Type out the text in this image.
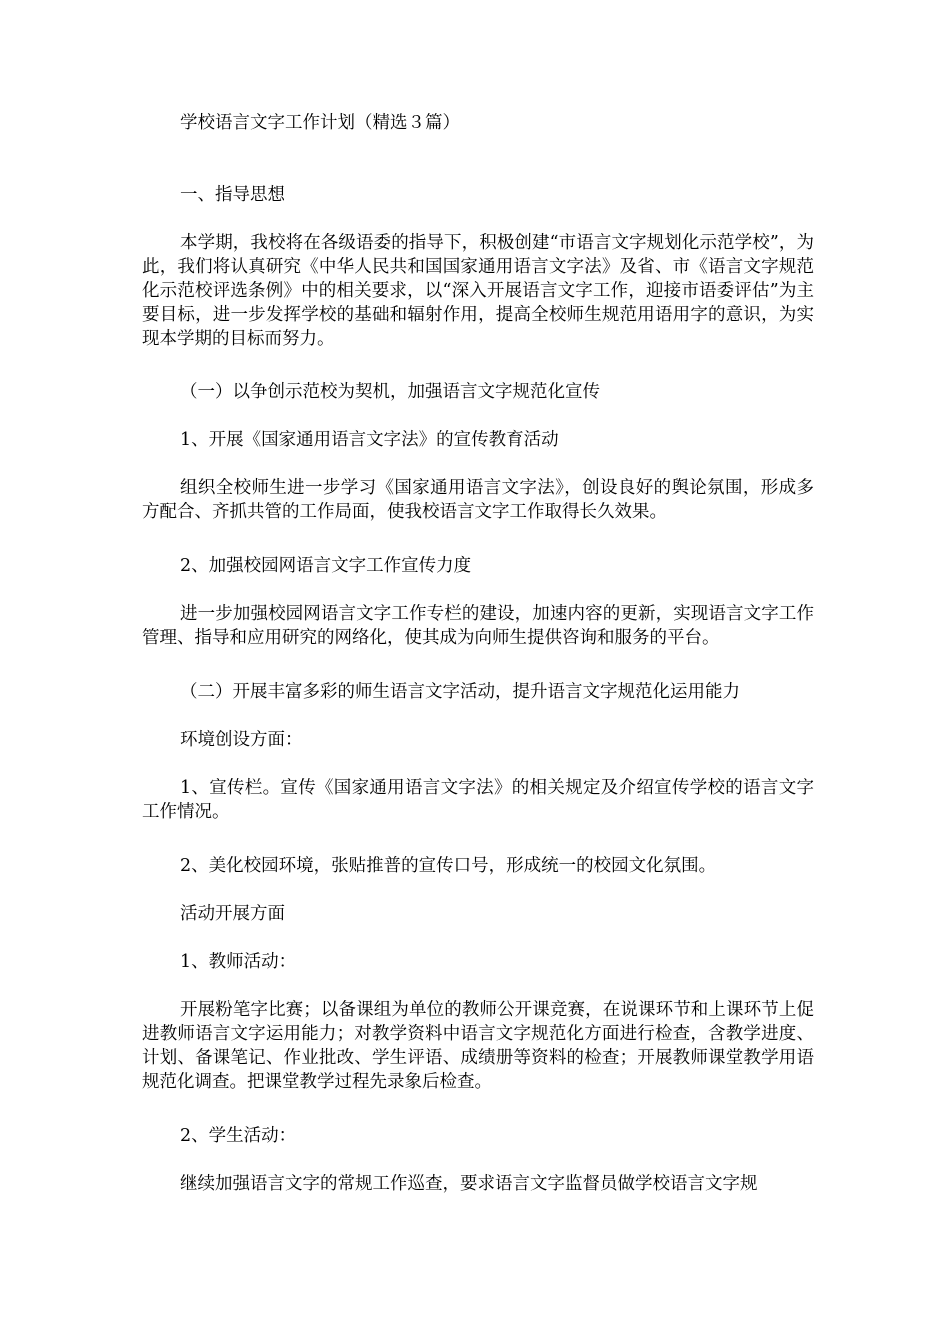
学校语言文字工作计划（精选３篇）

一、指导思想

本学期，我校将在各级语委的指导下，积极创建“市语言文字规划化示范学校”，为此，我们将认真研究《中华人民共和国国家通用语言文字法》及省、市《语言文字规范化示范校评选条例》中的相关要求，以“深入开展语言文字工作，迎接市语委评估”为主要目标，进一步发挥学校的基础和辐射作用，提高全校师生规范用语用字的意识，为实现本学期的目标而努力。

（一）以争创示范校为契机，加强语言文字规范化宣传

1、开展《国家通用语言文字法》的宣传教育活动

组织全校师生进一步学习《国家通用语言文字法》，创设良好的舆论氛围，形成多方配合、齐抓共管的工作局面，使我校语言文字工作取得长久效果。

2、加强校园网语言文字工作宣传力度

进一步加强校园网语言文字工作专栏的建设，加速内容的更新，实现语言文字工作管理、指导和应用研究的网络化，使其成为向师生提供咨询和服务的平台。

（二）开展丰富多彩的师生语言文字活动，提升语言文字规范化运用能力

环境创设方面：

1、宣传栏。宣传《国家通用语言文字法》的相关规定及介绍宣传学校的语言文字工作情况。

2、美化校园环境，张贴推普的宣传口号，形成统一的校园文化氛围。

活动开展方面

1、教师活动：

开展粉笔字比赛；以备课组为单位的教师公开课竞赛，在说课环节和上课环节上促进教师语言文字运用能力；对教学资料中语言文字规范化方面进行检查，含教学进度、计划、备课笔记、作业批改、学生评语、成绩册等资料的检查；开展教师课堂教学用语规范化调查。把课堂教学过程先录象后检查。

2、学生活动：

继续加强语言文字的常规工作巡查，要求语言文字监督员做学校语言文字规
